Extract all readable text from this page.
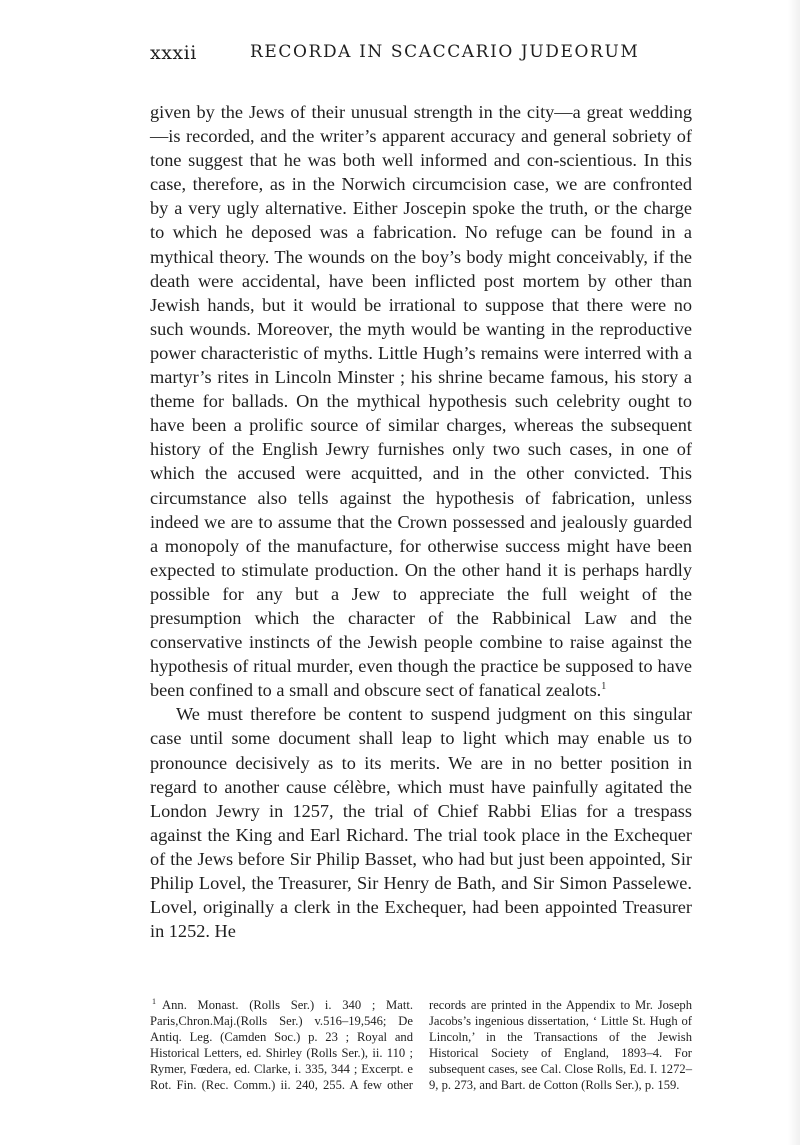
xxxii	RECORDA IN SCACCARIO JUDEORUM

given by the Jews of their unusual strength in the city—a great wedding—is recorded, and the writer’s apparent accuracy and general sobriety of tone suggest that he was both well informed and con-scientious. In this case, therefore, as in the Norwich circumcision case, we are confronted by a very ugly alternative. Either Joscepin spoke the truth, or the charge to which he deposed was a fabrication. No refuge can be found in a mythical theory. The wounds on the boy’s body might conceivably, if the death were accidental, have been inflicted post mortem by other than Jewish hands, but it would be irrational to suppose that there were no such wounds. Moreover, the myth would be wanting in the reproductive power characteristic of myths. Little Hugh’s remains were interred with a martyr’s rites in Lincoln Minster ; his shrine became famous, his story a theme for ballads. On the mythical hypothesis such celebrity ought to have been a prolific source of similar charges, whereas the subsequent history of the English Jewry furnishes only two such cases, in one of which the accused were acquitted, and in the other convicted. This circumstance also tells against the hypothesis of fabrication, unless indeed we are to assume that the Crown possessed and jealously guarded a monopoly of the manufacture, for otherwise success might have been expected to stimulate production. On the other hand it is perhaps hardly possible for any but a Jew to appreciate the full weight of the presumption which the character of the Rabbinical Law and the conservative instincts of the Jewish people combine to raise against the hypothesis of ritual murder, even though the practice be supposed to have been confined to a small and obscure sect of fanatical zealots.$^1$

We must therefore be content to suspend judgment on this singular case until some document shall leap to light which may enable us to pronounce decisively as to its merits. We are in no better position in regard to another cause célèbre, which must have painfully agitated the London Jewry in 1257, the trial of Chief Rabbi Elias for a trespass against the King and Earl Richard. The trial took place in the Exchequer of the Jews before Sir Philip Basset, who had but just been appointed, Sir Philip Lovel, the Treasurer, Sir Henry de Bath, and Sir Simon Passelewe. Lovel, originally a clerk in the Exchequer, had been appointed Treasurer in 1252. He

$^1$ Ann. Monast. (Rolls Ser.) i. 340 ; Matt. Paris,Chron.Maj.(Rolls Ser.) v.516–19,546; De Antiq. Leg. (Camden Soc.) p. 23 ; Royal and Historical Letters, ed. Shirley (Rolls Ser.), ii. 110 ; Rymer, Fœdera, ed. Clarke, i. 335, 344 ; Excerpt. e Rot. Fin. (Rec. Comm.) ii. 240, 255. A few other records are printed in the Appendix to Mr. Joseph Jacobs’s ingenious dissertation, ‘ Little St. Hugh of Lincoln,’ in the Transactions of the Jewish Historical Society of England, 1893–4. For subsequent cases, see Cal. Close Rolls, Ed. I. 1272–9, p. 273, and Bart. de Cotton (Rolls Ser.), p. 159.
